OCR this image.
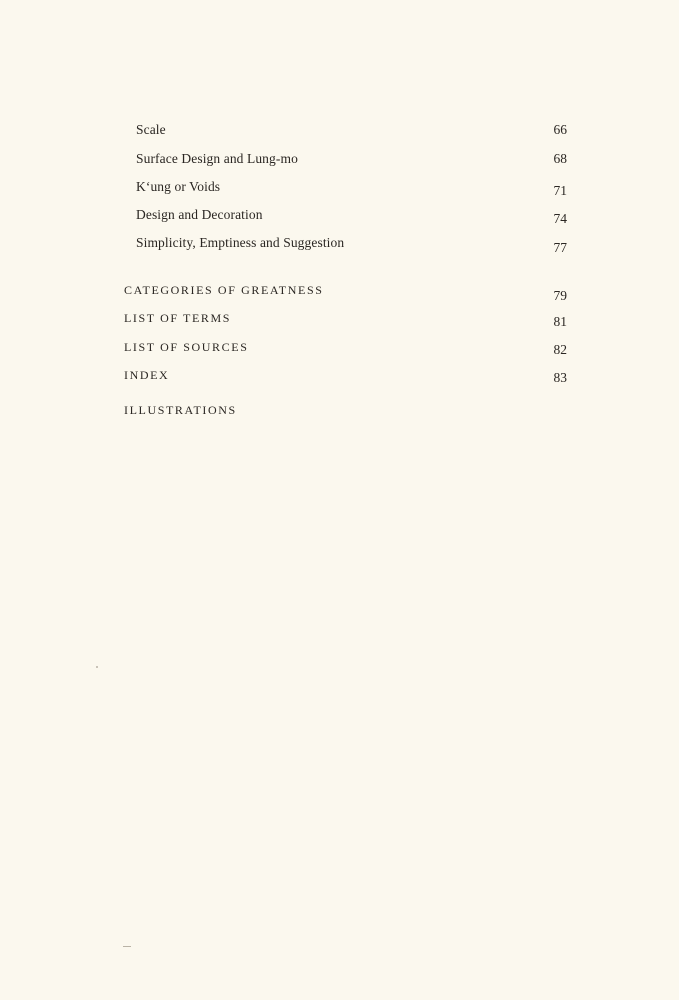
Scale	66
Surface Design and Lung-mo	68
K‘ung or Voids	71
Design and Decoration	74
Simplicity, Emptiness and Suggestion	77
CATEGORIES OF GREATNESS	79
LIST OF TERMS	81
LIST OF SOURCES	82
INDEX	83
ILLUSTRATIONS
